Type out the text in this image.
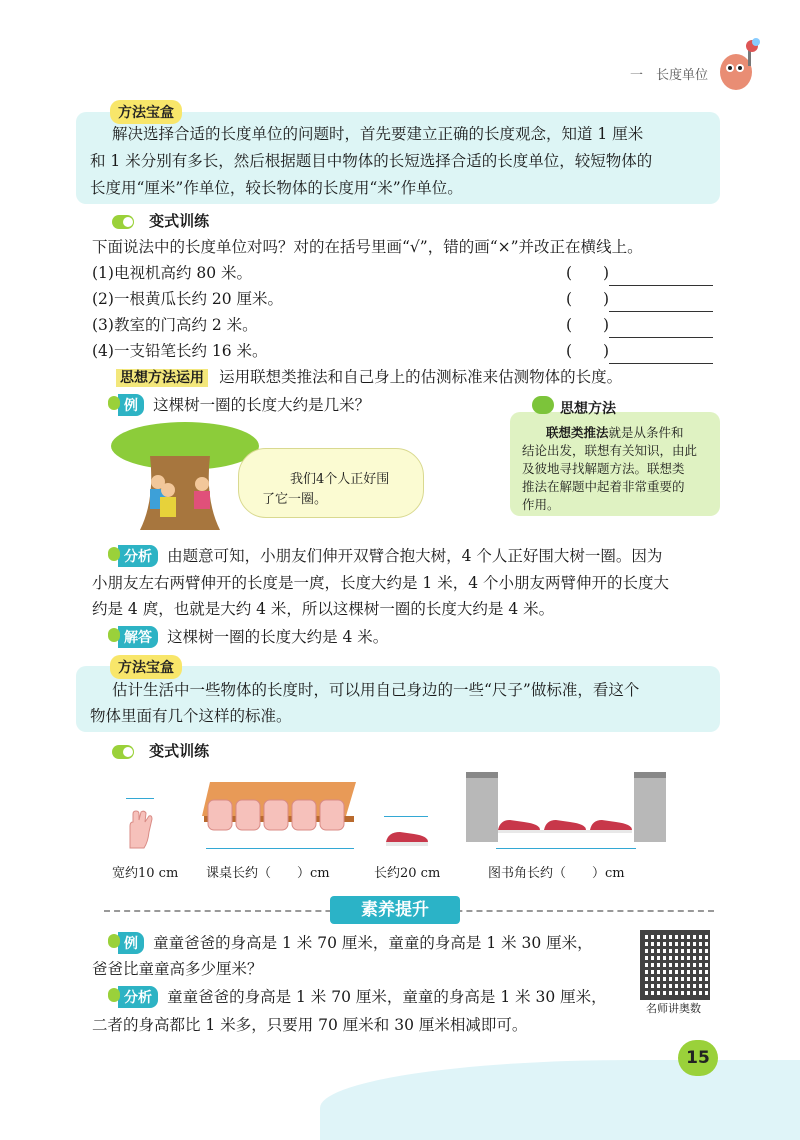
一　长度单位
方法宝盒
解决选择合适的长度单位的问题时，首先要建立正确的长度观念，知道 1 厘米
和 1 米分别有多长，然后根据题目中物体的长短选择合适的长度单位，较短物体的
长度用“厘米”作单位，较长物体的长度用“米”作单位。
变式训练
下面说法中的长度单位对吗？对的在括号里画“√”，错的画“×”并改正在横线上。
(1)电视机高约 80 米。
(2)一根黄瓜长约 20 厘米。
(3)教室的门高约 2 米。
(4)一支铅笔长约 16 米。
(　　)
(　　)
(　　)
(　　)
思想方法运用 运用联想类推法和自己身上的估测标准来估测物体的长度。
例 这棵树一圈的长度大约是几米？
我们4个人正好围
了它一圈。
思想方法
联想类推法就是从条件和
结论出发，联想有关知识，由此
及彼地寻找解题方法。联想类
推法在解题中起着非常重要的
作用。
分析 由题意可知，小朋友们伸开双臂合抱大树，4 个人正好围大树一圈。因为
小朋友左右两臂伸开的长度是一庹，长度大约是 1 米，4 个小朋友两臂伸开的长度大
约是 4 庹，也就是大约 4 米，所以这棵树一圈的长度大约是 4 米。
解答 这棵树一圈的长度大约是 4 米。
方法宝盒
估计生活中一些物体的长度时，可以用自己身边的一些“尺子”做标准，看这个
物体里面有几个这样的标准。
变式训练
宽约10 cm 课桌长约（　　）cm	长约20 cm	图书角长约（　　）cm
素养提升
例 童童爸爸的身高是 1 米 70 厘米，童童的身高是 1 米 30 厘米，
爸爸比童童高多少厘米？
分析 童童爸爸的身高是 1 米 70 厘米，童童的身高是 1 米 30 厘米，
二者的身高都比 1 米多，只要用 70 厘米和 30 厘米相减即可。
名师讲奥数
15
